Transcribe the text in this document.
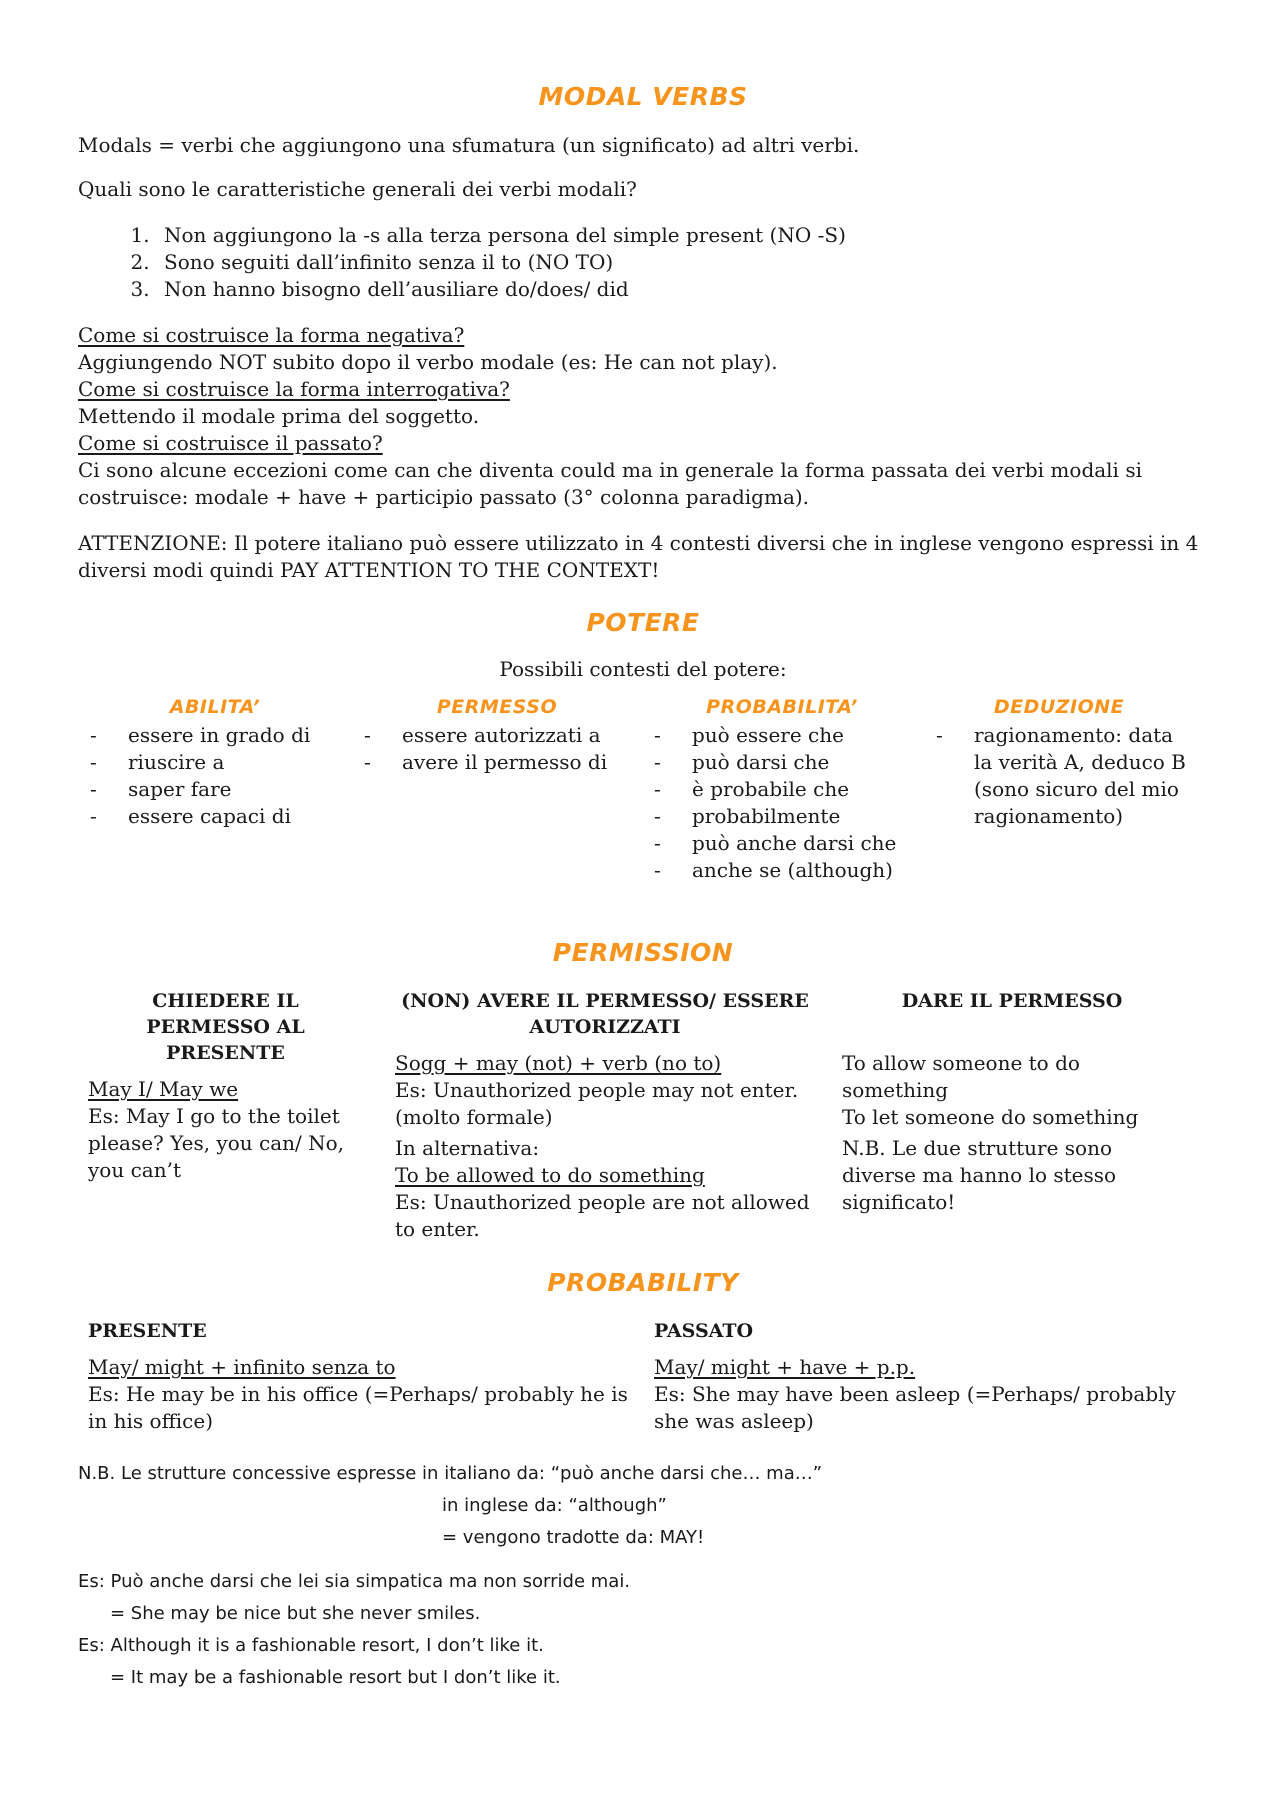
MODAL VERBS
Modals = verbi che aggiungono una sfumatura (un significato) ad altri verbi.
Quali sono le caratteristiche generali dei verbi modali?
1. Non aggiungono la -s alla terza persona del simple present (NO -S)
2. Sono seguiti dall’infinito senza il to (NO TO)
3. Non hanno bisogno dell’ausiliare do/does/ did
Come si costruisce la forma negativa?
Aggiungendo NOT subito dopo il verbo modale (es: He can not play).
Come si costruisce la forma interrogativa?
Mettendo il modale prima del soggetto.
Come si costruisce il passato?
Ci sono alcune eccezioni come can che diventa could ma in generale la forma passata dei verbi modali si costruisce: modale + have + participio passato (3° colonna paradigma).
ATTENZIONE: Il potere italiano può essere utilizzato in 4 contesti diversi che in inglese vengono espressi in 4 diversi modi quindi PAY ATTENTION TO THE CONTEXT!
POTERE
Possibili contesti del potere:
ABILITA’
- essere in grado di
- riuscire a
- saper fare
- essere capaci di
PERMESSO
- essere autorizzati a
- avere il permesso di
PROBABILITA’
- può essere che
- può darsi che
- è probabile che
- probabilmente
- può anche darsi che
- anche se (although)
DEDUZIONE
- ragionamento: data la verità A, deduco B (sono sicuro del mio ragionamento)
PERMISSION
CHIEDERE IL PERMESSO AL PRESENTE
May I/ May we
Es: May I go to the toilet please? Yes, you can/ No, you can’t
(NON) AVERE IL PERMESSO/ ESSERE AUTORIZZATI
Sogg + may (not) + verb (no to)
Es: Unauthorized people may not enter.
(molto formale)
In alternativa:
To be allowed to do something
Es: Unauthorized people are not allowed to enter.
DARE IL PERMESSO
To allow someone to do something
To let someone do something
N.B. Le due strutture sono diverse ma hanno lo stesso significato!
PROBABILITY
PRESENTE
May/ might + infinito senza to
Es: He may be in his office (=Perhaps/ probably he is in his office)
PASSATO
May/ might + have + p.p.
Es: She may have been asleep (=Perhaps/ probably she was asleep)
N.B. Le strutture concessive espresse in italiano da: “può anche darsi che… ma…”
in inglese da: “although”
= vengono tradotte da: MAY!
Es: Può anche darsi che lei sia simpatica ma non sorride mai.
= She may be nice but she never smiles.
Es: Although it is a fashionable resort, I don’t like it.
= It may be a fashionable resort but I don’t like it.
